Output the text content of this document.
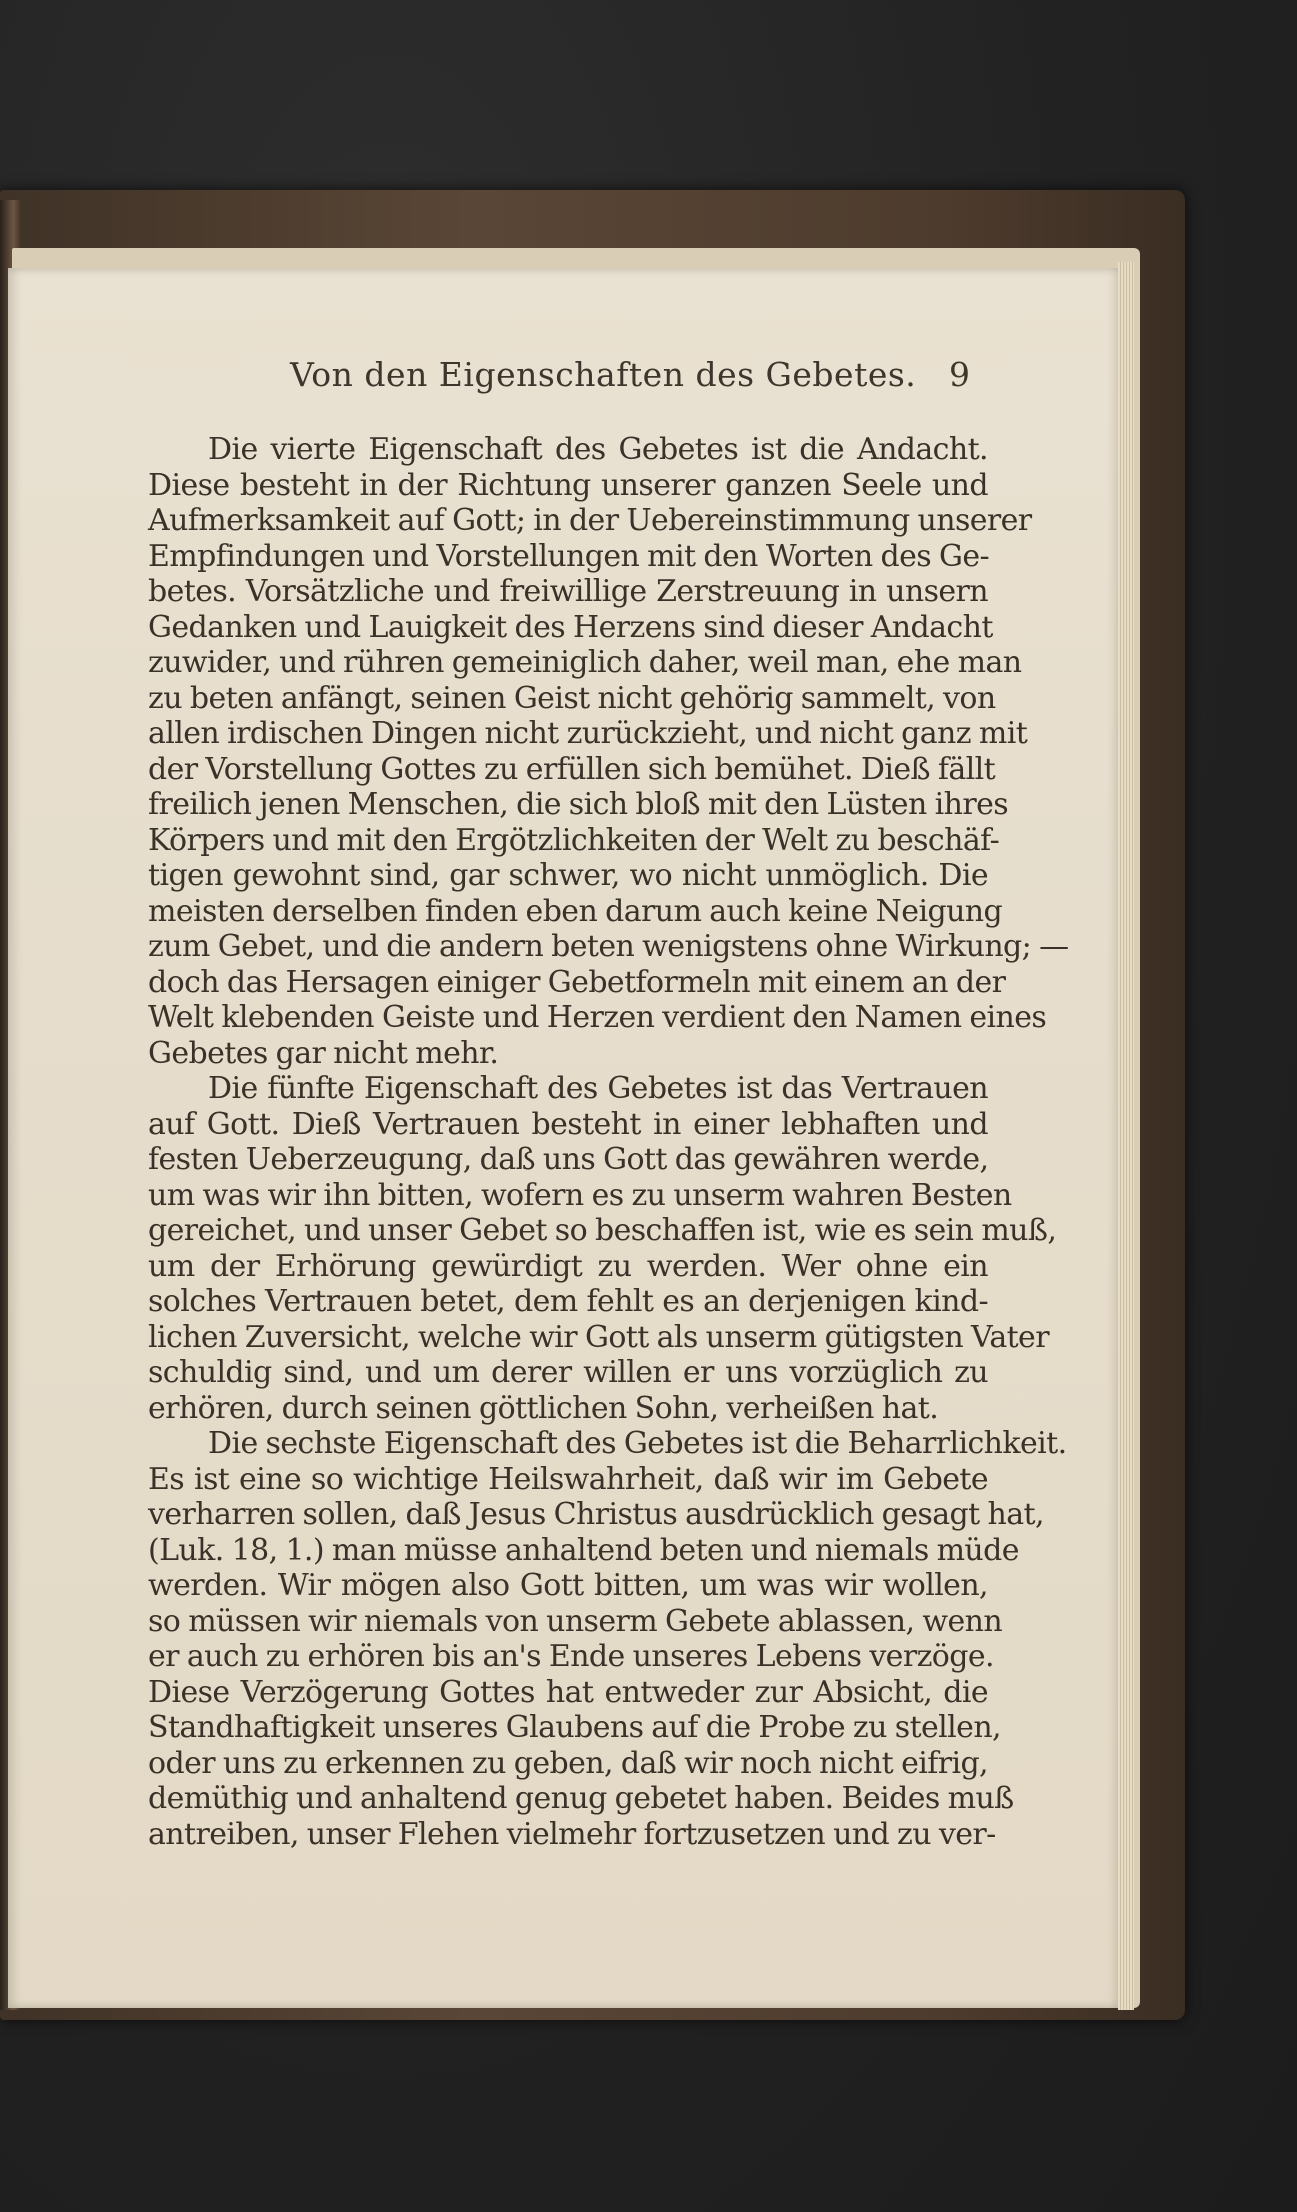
Von den Eigenschaften des Gebetes. 9
Die vierte Eigenschaft des Gebetes ist die Andacht.
Diese besteht in der Richtung unserer ganzen Seele und
Aufmerksamkeit auf Gott; in der Uebereinstimmung unserer
Empfindungen und Vorstellungen mit den Worten des Ge-
betes. Vorsätzliche und freiwillige Zerstreuung in unsern
Gedanken und Lauigkeit des Herzens sind dieser Andacht
zuwider, und rühren gemeiniglich daher, weil man, ehe man
zu beten anfängt, seinen Geist nicht gehörig sammelt, von
allen irdischen Dingen nicht zurückzieht, und nicht ganz mit
der Vorstellung Gottes zu erfüllen sich bemühet. Dieß fällt
freilich jenen Menschen, die sich bloß mit den Lüsten ihres
Körpers und mit den Ergötzlichkeiten der Welt zu beschäf-
tigen gewohnt sind, gar schwer, wo nicht unmöglich. Die
meisten derselben finden eben darum auch keine Neigung
zum Gebet, und die andern beten wenigstens ohne Wirkung; —
doch das Hersagen einiger Gebetformeln mit einem an der
Welt klebenden Geiste und Herzen verdient den Namen eines
Gebetes gar nicht mehr.
Die fünfte Eigenschaft des Gebetes ist das Vertrauen
auf Gott. Dieß Vertrauen besteht in einer lebhaften und
festen Ueberzeugung, daß uns Gott das gewähren werde,
um was wir ihn bitten, wofern es zu unserm wahren Besten
gereichet, und unser Gebet so beschaffen ist, wie es sein muß,
um der Erhörung gewürdigt zu werden. Wer ohne ein
solches Vertrauen betet, dem fehlt es an derjenigen kind-
lichen Zuversicht, welche wir Gott als unserm gütigsten Vater
schuldig sind, und um derer willen er uns vorzüglich zu
erhören, durch seinen göttlichen Sohn, verheißen hat.
Die sechste Eigenschaft des Gebetes ist die Beharrlichkeit.
Es ist eine so wichtige Heilswahrheit, daß wir im Gebete
verharren sollen, daß Jesus Christus ausdrücklich gesagt hat,
(Luk. 18, 1.) man müsse anhaltend beten und niemals müde
werden. Wir mögen also Gott bitten, um was wir wollen,
so müssen wir niemals von unserm Gebete ablassen, wenn
er auch zu erhören bis an's Ende unseres Lebens verzöge.
Diese Verzögerung Gottes hat entweder zur Absicht, die
Standhaftigkeit unseres Glaubens auf die Probe zu stellen,
oder uns zu erkennen zu geben, daß wir noch nicht eifrig,
demüthig und anhaltend genug gebetet haben. Beides muß
antreiben, unser Flehen vielmehr fortzusetzen und zu ver-
